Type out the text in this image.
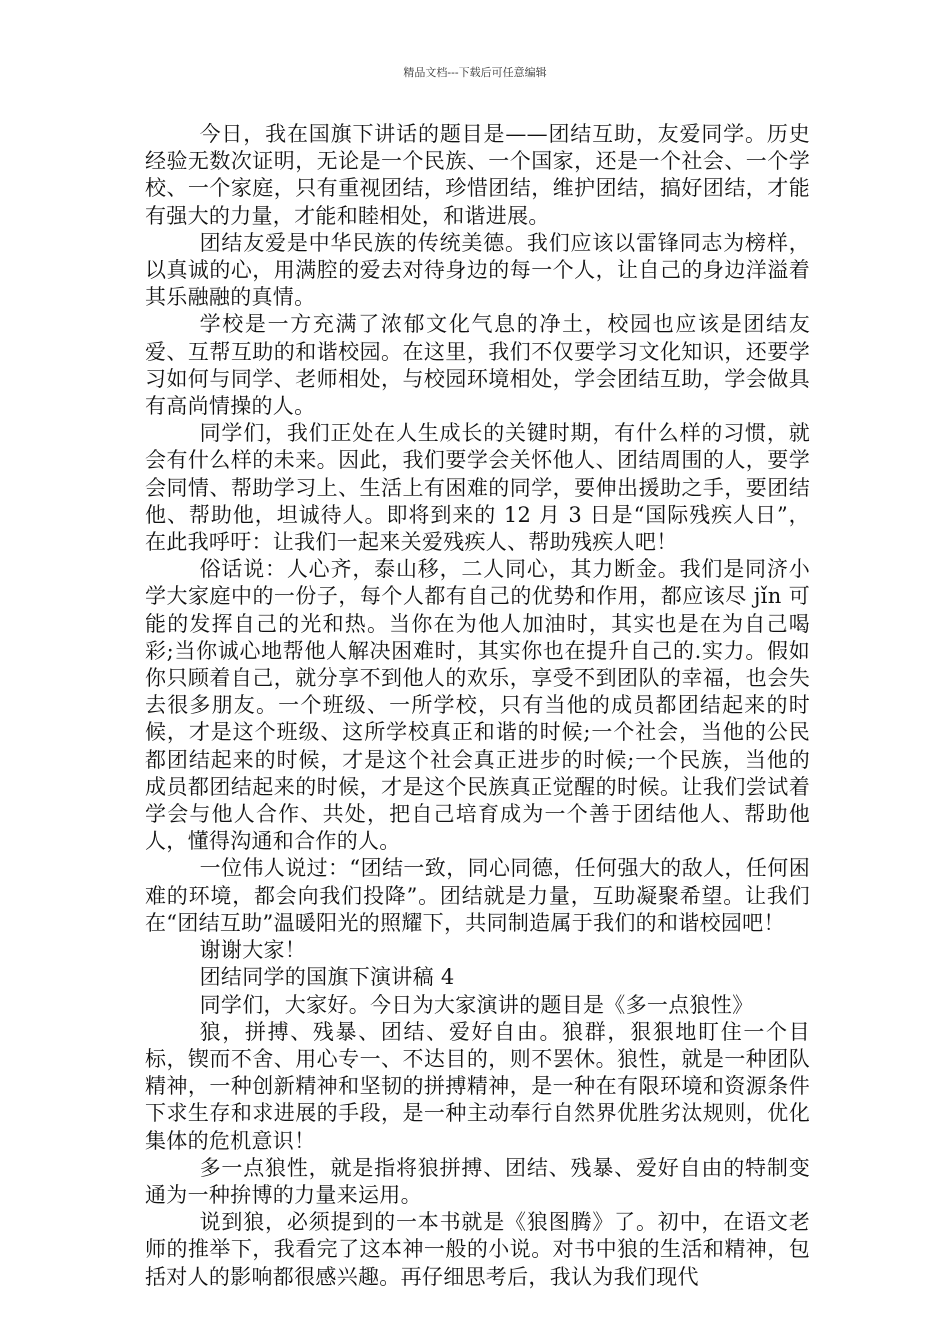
精品文档---下载后可任意编辑

今日，我在国旗下讲话的题目是——团结互助，友爱同学。历史经验无数次证明，无论是一个民族、一个国家，还是一个社会、一个学校、一个家庭，只有重视团结，珍惜团结，维护团结，搞好团结，才能有强大的力量，才能和睦相处，和谐进展。

团结友爱是中华民族的传统美德。我们应该以雷锋同志为榜样，以真诚的心，用满腔的爱去对待身边的每一个人，让自己的身边洋溢着其乐融融的真情。

学校是一方充满了浓郁文化气息的净土，校园也应该是团结友爱、互帮互助的和谐校园。在这里，我们不仅要学习文化知识，还要学习如何与同学、老师相处，与校园环境相处，学会团结互助，学会做具有高尚情操的人。

同学们，我们正处在人生成长的关键时期，有什么样的习惯，就会有什么样的未来。因此，我们要学会关怀他人、团结周围的人，要学会同情、帮助学习上、生活上有困难的同学，要伸出援助之手，要团结他、帮助他，坦诚待人。即将到来的 12 月 3 日是“国际残疾人日”，在此我呼吁：让我们一起来关爱残疾人、帮助残疾人吧！

俗话说：人心齐，泰山移，二人同心，其力断金。我们是同济小学大家庭中的一份子，每个人都有自己的优势和作用，都应该尽 jǐn 可能的发挥自己的光和热。当你在为他人加油时，其实也是在为自己喝彩;当你诚心地帮他人解决困难时，其实你也在提升自己的.实力。假如你只顾着自己，就分享不到他人的欢乐，享受不到团队的幸福，也会失去很多朋友。一个班级、一所学校，只有当他的成员都团结起来的时候，才是这个班级、这所学校真正和谐的时候;一个社会，当他的公民都团结起来的时候，才是这个社会真正进步的时候;一个民族，当他的成员都团结起来的时候，才是这个民族真正觉醒的时候。让我们尝试着学会与他人合作、共处，把自己培育成为一个善于团结他人、帮助他人，懂得沟通和合作的人。

一位伟人说过：“团结一致，同心同德，任何强大的敌人，任何困难的环境，都会向我们投降”。团结就是力量，互助凝聚希望。让我们在“团结互助”温暖阳光的照耀下，共同制造属于我们的和谐校园吧！

谢谢大家！

团结同学的国旗下演讲稿 4

同学们，大家好。今日为大家演讲的题目是《多一点狼性》

狼，拼搏、残暴、团结、爱好自由。狼群，狠狠地盯住一个目标，锲而不舍、用心专一、不达目的，则不罢休。狼性，就是一种团队精神，一种创新精神和坚韧的拼搏精神，是一种在有限环境和资源条件下求生存和求进展的手段，是一种主动奉行自然界优胜劣汰规则，优化集体的危机意识！

多一点狼性，就是指将狼拼搏、团结、残暴、爱好自由的特制变通为一种拚博的力量来运用。

说到狼，必须提到的一本书就是《狼图腾》了。初中，在语文老师的推举下，我看完了这本神一般的小说。对书中狼的生活和精神，包括对人的影响都很感兴趣。再仔细思考后，我认为我们现代
